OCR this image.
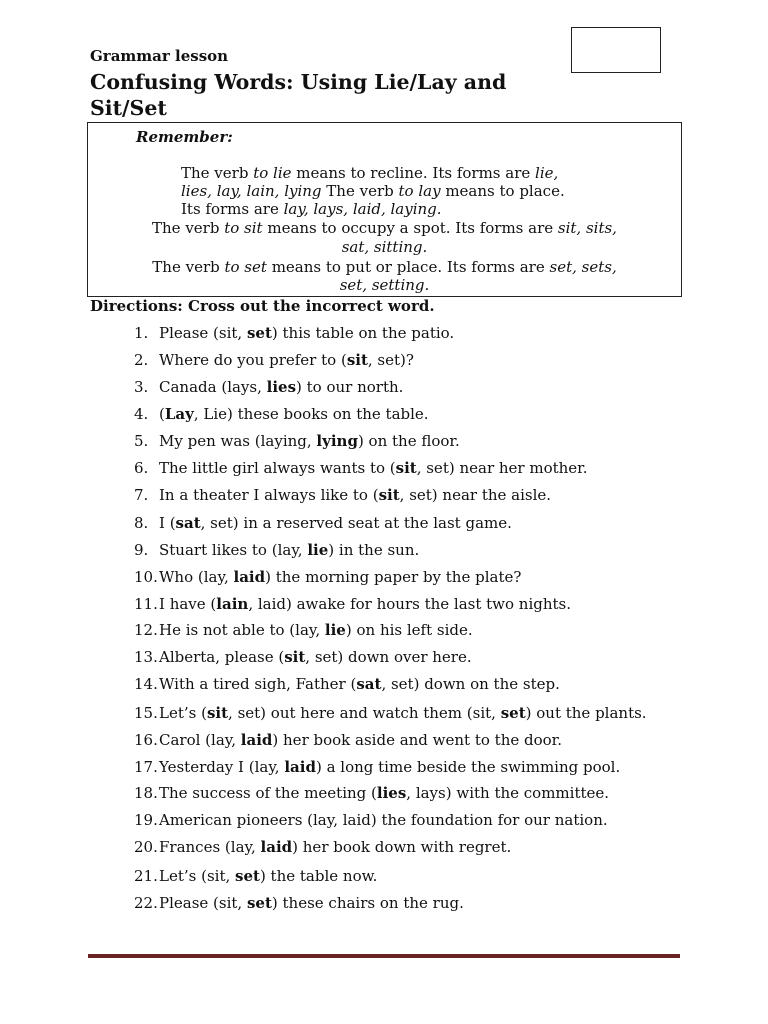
Grammar lesson
Confusing Words: Using Lie/Lay and Sit/Set
Remember:
The verb to lie means to recline. Its forms are lie,
lies, lay, lain, lying The verb to lay means to place.
Its forms are lay, lays, laid, laying.
The verb to sit means to occupy a spot. Its forms are sit, sits,
sat, sitting.
The verb to set means to put or place. Its forms are set, sets,
set, setting.
Directions: Cross out the incorrect word.
1. Please (sit, set) this table on the patio.
2. Where do you prefer to (sit, set)?
3. Canada (lays, lies) to our north.
4. (Lay, Lie) these books on the table.
5. My pen was (laying, lying) on the floor.
6. The little girl always wants to (sit, set) near her mother.
7. In a theater I always like to (sit, set) near the aisle.
8. I (sat, set) in a reserved seat at the last game.
9. Stuart likes to (lay, lie) in the sun.
10.Who (lay, laid) the morning paper by the plate?
11.I have (lain, laid) awake for hours the last two nights.
12.He is not able to (lay, lie) on his left side.
13.Alberta, please (sit, set) down over here.
14.With a tired sigh, Father (sat, set) down on the step.
15.Let’s (sit, set) out here and watch them (sit, set) out the plants.
16.Carol (lay, laid) her book aside and went to the door.
17.Yesterday I (lay, laid) a long time beside the swimming pool.
18.The success of the meeting (lies, lays) with the committee.
19.American pioneers (lay, laid) the foundation for our nation.
20.Frances (lay, laid) her book down with regret.
21.Let’s (sit, set) the table now.
22.Please (sit, set) these chairs on the rug.
